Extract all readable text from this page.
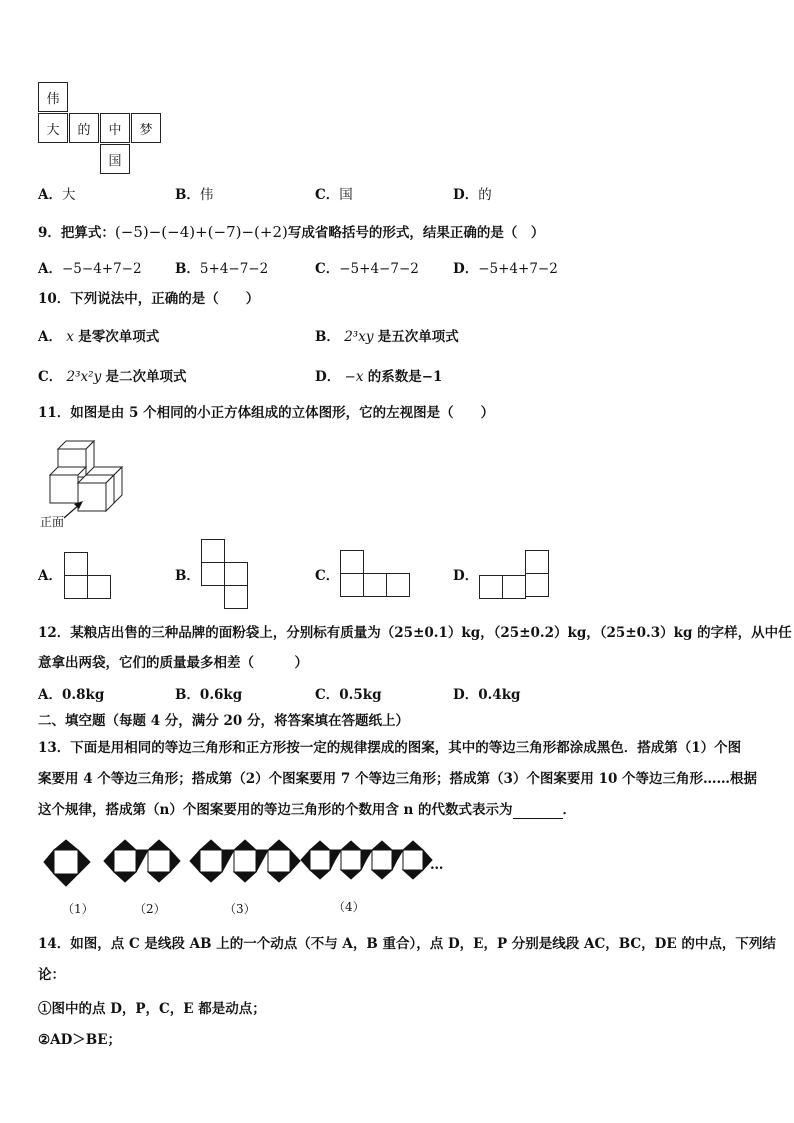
伟
大	的	中	梦
国
A．大	B．伟	C．国	D．的
9．把算式：(−5)−(−4)+(−7)−(+2)写成省略括号的形式，结果正确的是（　）
A．−5−4+7−2 B．5+4−7−2	C．−5+4−7−2	D．−5+4+7−2
10．下列说法中，正确的是（　　）
A． x 是零次单项式	B． 2³xy 是五次单项式
C． 2³x²y 是二次单项式	D． −x 的系数是−1
11．如图是由 5 个相同的小正方体组成的立体图形，它的左视图是（　　）
正面
A．	B．	C．	D．
12．某粮店出售的三种品牌的面粉袋上，分别标有质量为（25±0.1）kg，（25±0.2）kg，（25±0.3）kg 的字样，从中任
意拿出两袋，它们的质量最多相差（　　　）
A．0.8kg	B．0.6kg	C．0.5kg	D．0.4kg
二、填空题（每题 4 分，满分 20 分，将答案填在答题纸上）
13．下面是用相同的等边三角形和正方形按一定的规律摆成的图案，其中的等边三角形都涂成黑色．搭成第（1）个图
案要用 4 个等边三角形；搭成第（2）个图案要用 7 个等边三角形；搭成第（3）个图案要用 10 个等边三角形……根据
这个规律，搭成第（n）个图案要用的等边三角形的个数用含 n 的代数式表示为	．
…
（1）	（2）	（3）	（4）
14．如图，点 C 是线段 AB 上的一个动点（不与 A，B 重合），点 D，E，P 分别是线段 AC，BC，DE 的中点，下列结
论：
①图中的点 D，P，C，E 都是动点；
②AD＞BE；
